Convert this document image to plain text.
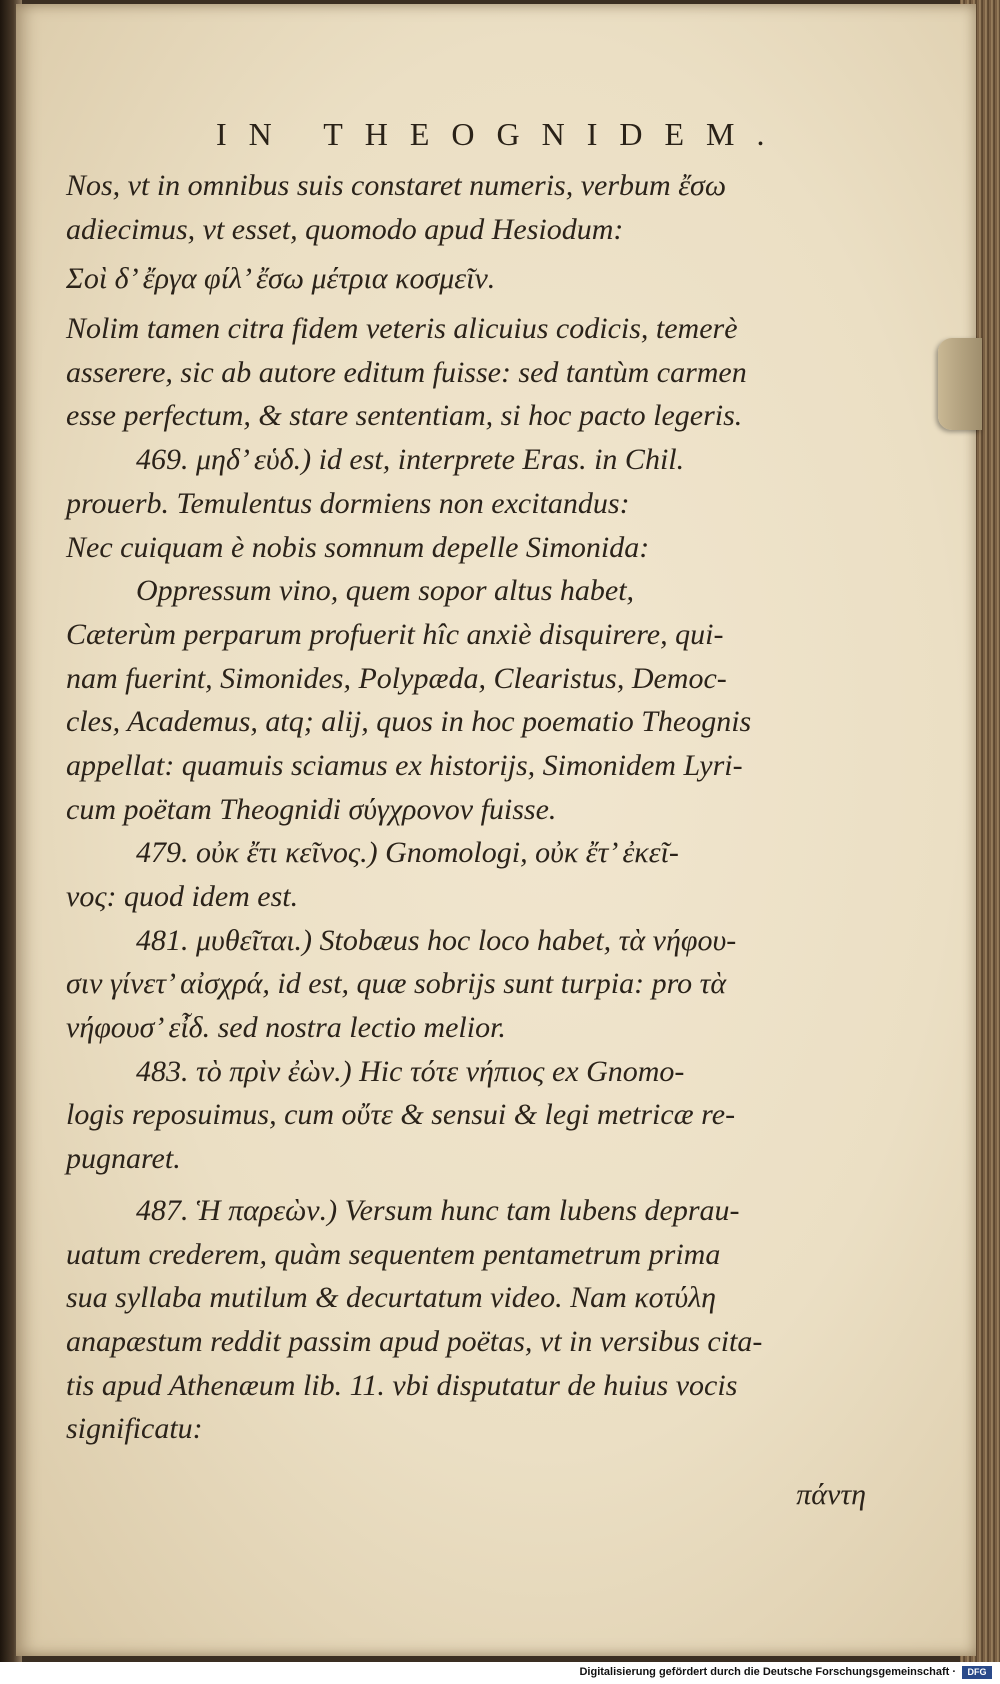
IN THEOGNIDEM.
Nos, vt in omnibus suis constaret numeris, verbum ἔσω
adiecimus, vt esset, quomodo apud Hesiodum:
Σοὶ δ’ ἔργα φίλ’ ἔσω μέτρια κοσμεῖν.
Nolim tamen citra fidem veteris alicuius codicis, temerè
asserere, sic ab autore editum fuisse: sed tantùm carmen
esse perfectum, & stare sententiam, si hoc pacto legeris.
469. μηδ’ εὑδ.) id est, interprete Eras. in Chil.
prouerb. Temulentus dormiens non excitandus:
Nec cuiquam è nobis somnum depelle Simonida:
Oppressum vino, quem sopor altus habet,
Cæterùm perparum profuerit hîc anxiè disquirere, qui-
nam fuerint, Simonides, Polypæda, Clearistus, Democ-
cles, Academus, atq; alij, quos in hoc poematio Theognis
appellat: quamuis sciamus ex historijs, Simonidem Lyri-
cum poëtam Theognidi σύγχρονον fuisse.
479. οὐκ ἔτι κεῖνος.) Gnomologi, οὐκ ἔτ’ ἐκεῖ-
νος: quod idem est.
481. μυθεῖται.) Stobæus hoc loco habet, τὰ νήφου-
σιν γίνετ’ αἰσχρά, id est, quæ sobrijs sunt turpia: pro τὰ
νήφουσ’ εἶδ. sed nostra lectio melior.
483. τὸ πρὶν ἐὼν.) Hic τότε νήπιος ex Gnomo-
logis reposuimus, cum οὔτε & sensui & legi metricæ re-
pugnaret.
487. Ἡ παρεὼν.) Versum hunc tam lubens deprau-
uatum crederem, quàm sequentem pentametrum prima
sua syllaba mutilum & decurtatum video. Nam κοτύλη
anapæstum reddit passim apud poëtas, vt in versibus cita-
tis apud Athenæum lib. 11. vbi disputatur de huius vocis
significatu:
πάντη
Digitalisierung gefördert durch die Deutsche Forschungsgemeinschaft ·	DFG
